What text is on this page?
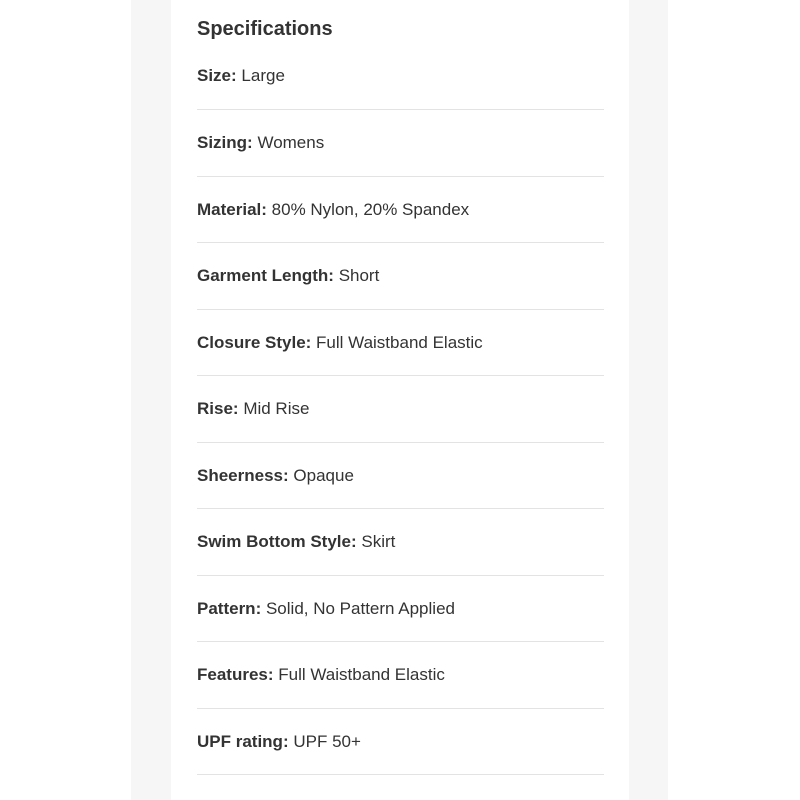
Specifications
Size: Large
Sizing: Womens
Material: 80% Nylon, 20% Spandex
Garment Length: Short
Closure Style: Full Waistband Elastic
Rise: Mid Rise
Sheerness: Opaque
Swim Bottom Style: Skirt
Pattern: Solid, No Pattern Applied
Features: Full Waistband Elastic
UPF rating: UPF 50+
